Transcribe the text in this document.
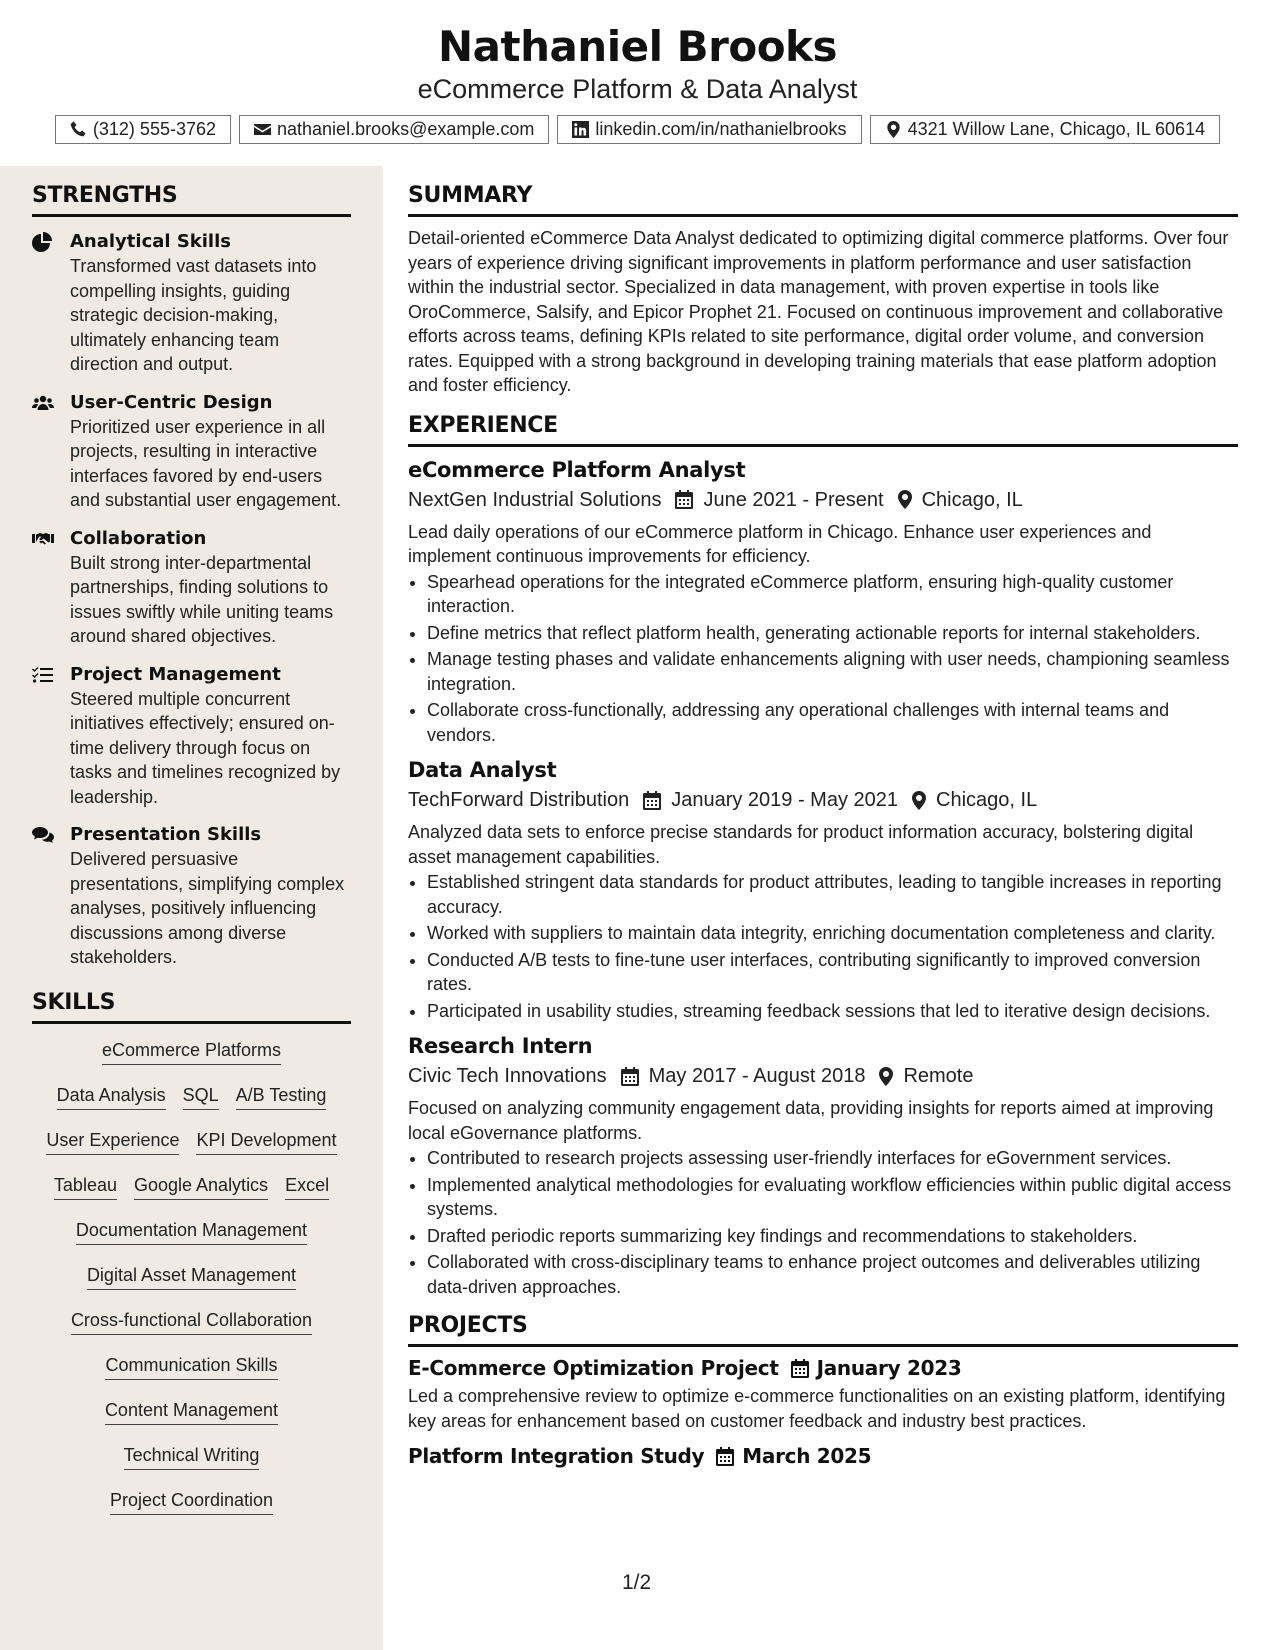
Nathaniel Brooks
eCommerce Platform & Data Analyst
(312) 555-3762	nathaniel.brooks@example.com	linkedin.com/in/nathanielbrooks	4321 Willow Lane, Chicago, IL 60614
STRENGTHS
Analytical Skills
Transformed vast datasets into compelling insights, guiding strategic decision-making, ultimately enhancing team direction and output.
User-Centric Design
Prioritized user experience in all projects, resulting in interactive interfaces favored by end-users and substantial user engagement.
Collaboration
Built strong inter-departmental partnerships, finding solutions to issues swiftly while uniting teams around shared objectives.
Project Management
Steered multiple concurrent initiatives effectively; ensured on-time delivery through focus on tasks and timelines recognized by leadership.
Presentation Skills
Delivered persuasive presentations, simplifying complex analyses, positively influencing discussions among diverse stakeholders.
SKILLS
eCommerce Platforms
Data Analysis SQL A/B Testing
User Experience KPI Development
Tableau Google Analytics Excel
Documentation Management
Digital Asset Management
Cross-functional Collaboration
Communication Skills
Content Management
Technical Writing
Project Coordination
SUMMARY
Detail-oriented eCommerce Data Analyst dedicated to optimizing digital commerce platforms. Over four years of experience driving significant improvements in platform performance and user satisfaction within the industrial sector. Specialized in data management, with proven expertise in tools like OroCommerce, Salsify, and Epicor Prophet 21. Focused on continuous improvement and collaborative efforts across teams, defining KPIs related to site performance, digital order volume, and conversion rates. Equipped with a strong background in developing training materials that ease platform adoption and foster efficiency.
EXPERIENCE
eCommerce Platform Analyst
NextGen Industrial Solutions June 2021 - Present Chicago, IL
Lead daily operations of our eCommerce platform in Chicago. Enhance user experiences and implement continuous improvements for efficiency.
• Spearhead operations for the integrated eCommerce platform, ensuring high-quality customer interaction.
• Define metrics that reflect platform health, generating actionable reports for internal stakeholders.
• Manage testing phases and validate enhancements aligning with user needs, championing seamless integration.
• Collaborate cross-functionally, addressing any operational challenges with internal teams and vendors.
Data Analyst
TechForward Distribution January 2019 - May 2021 Chicago, IL
Analyzed data sets to enforce precise standards for product information accuracy, bolstering digital asset management capabilities.
• Established stringent data standards for product attributes, leading to tangible increases in reporting accuracy.
• Worked with suppliers to maintain data integrity, enriching documentation completeness and clarity.
• Conducted A/B tests to fine-tune user interfaces, contributing significantly to improved conversion rates.
• Participated in usability studies, streaming feedback sessions that led to iterative design decisions.
Research Intern
Civic Tech Innovations May 2017 - August 2018 Remote
Focused on analyzing community engagement data, providing insights for reports aimed at improving local eGovernance platforms.
• Contributed to research projects assessing user-friendly interfaces for eGovernment services.
• Implemented analytical methodologies for evaluating workflow efficiencies within public digital access systems.
• Drafted periodic reports summarizing key findings and recommendations to stakeholders.
• Collaborated with cross-disciplinary teams to enhance project outcomes and deliverables utilizing data-driven approaches.
PROJECTS
E-Commerce Optimization Project January 2023
Led a comprehensive review to optimize e-commerce functionalities on an existing platform, identifying key areas for enhancement based on customer feedback and industry best practices.
Platform Integration Study March 2025
1/2
